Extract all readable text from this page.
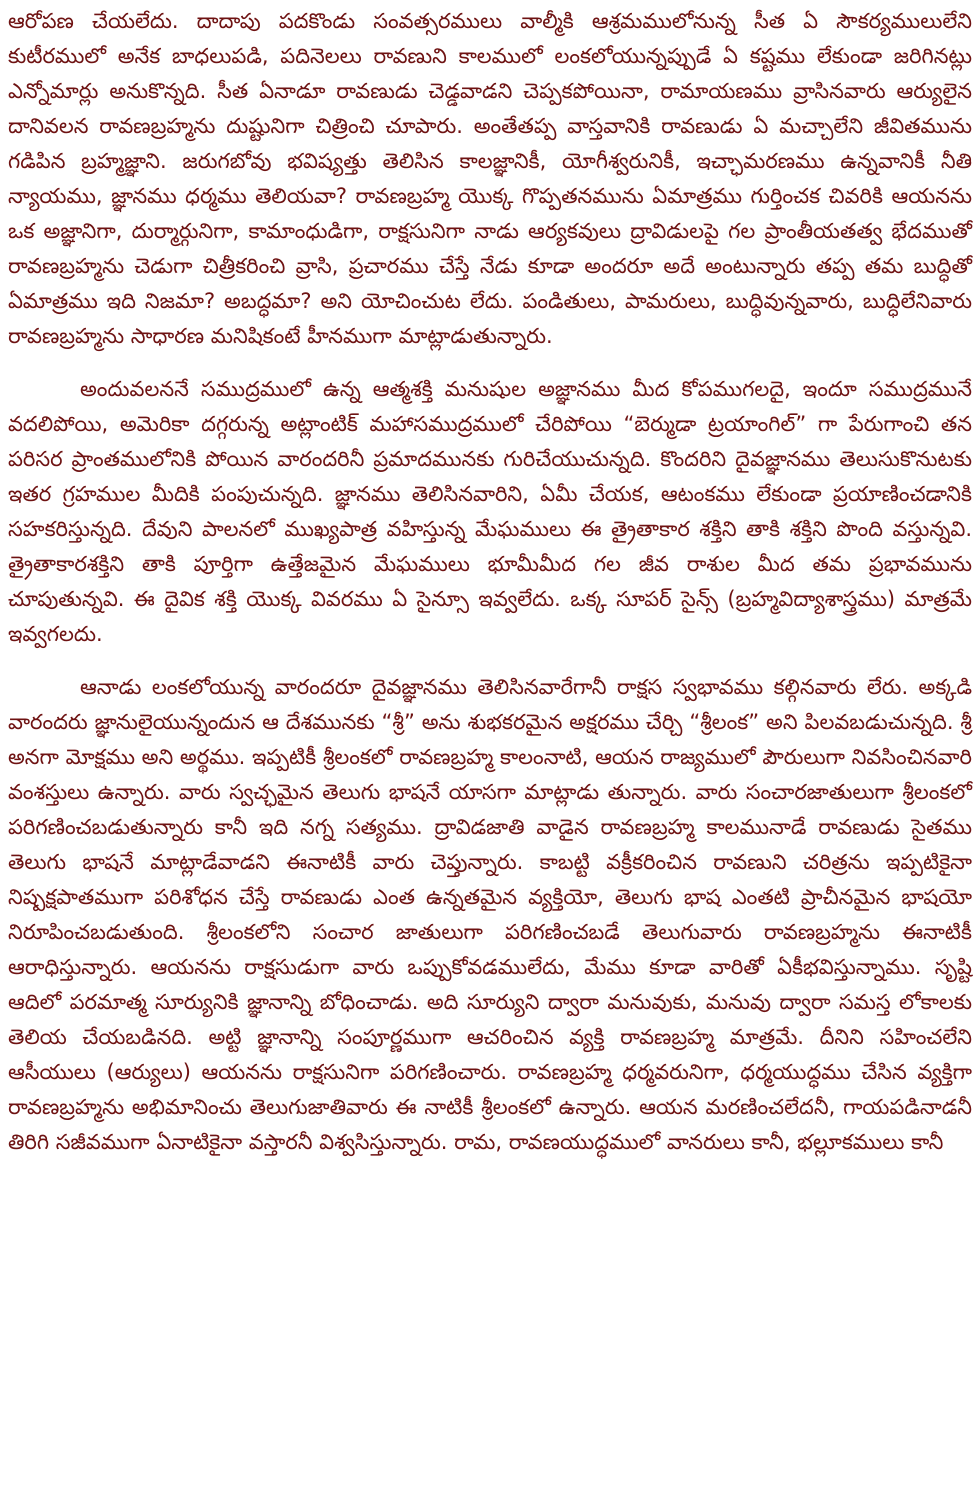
ఆరోపణ చేయలేదు. దాదాపు పదకొండు సంవత్సరములు వాల్మీకి ఆశ్రమములోనున్న సీత ఏ సౌకర్యములులేని కుటీరములో అనేక బాధలుపడి, పదినెలలు రావణుని కాలములో లంకలోయున్నప్పుడే ఏ కష్టము లేకుండా జరిగినట్లు ఎన్నోమార్లు అనుకొన్నది. సీత ఏనాడూ రావణుడు చెడ్డవాడని చెప్పకపోయినా, రామాయణము వ్రాసినవారు ఆర్యులైన దానివలన రావణబ్రహ్మను దుష్టునిగా చిత్రించి చూపారు. అంతేతప్ప వాస్తవానికి రావణుడు ఏ మచ్చాలేని జీవితమును గడిపిన బ్రహ్మజ్ఞాని. జరుగబోవు భవిష్యత్తు తెలిసిన కాలజ్ఞానికీ, యోగీశ్వరునికీ, ఇచ్ఛామరణము ఉన్నవానికీ నీతి న్యాయము, జ్ఞానము ధర్మము తెలియవా? రావణబ్రహ్మ యొక్క గొప్పతనమును ఏమాత్రము గుర్తించక చివరికి ఆయనను ఒక అజ్ఞానిగా, దుర్మార్గునిగా, కామాంధుడిగా, రాక్షసునిగా నాడు ఆర్యకవులు ద్రావిడులపై గల ప్రాంతీయతత్వ భేదముతో రావణబ్రహ్మను చెడుగా చిత్రీకరించి వ్రాసి, ప్రచారము చేస్తే నేడు కూడా అందరూ అదే అంటున్నారు తప్ప తమ బుద్ధితో ఏమాత్రము ఇది నిజమా? అబద్ధమా? అని యోచించుట లేదు. పండితులు, పామరులు, బుద్ధివున్నవారు, బుద్ధిలేనివారు రావణబ్రహ్మను సాధారణ మనిషికంటే హీనముగా మాట్లాడుతున్నారు.

అందువలననే సముద్రములో ఉన్న ఆత్మశక్తి మనుషుల అజ్ఞానము మీద కోపముగలదై, ఇందూ సముద్రమునే వదలిపోయి, అమెరికా దగ్గరున్న అట్లాంటిక్ మహాసముద్రములో చేరిపోయి “బెర్ముడా ట్రయాంగిల్” గా పేరుగాంచి తన పరిసర ప్రాంతములోనికి పోయిన వారందరినీ ప్రమాదమునకు గురిచేయుచున్నది. కొందరిని దైవజ్ఞానము తెలుసుకొనుటకు ఇతర గ్రహముల మీదికి పంపుచున్నది. జ్ఞానము తెలిసినవారిని, ఏమీ చేయక, ఆటంకము లేకుండా ప్రయాణించడానికి సహకరిస్తున్నది. దేవుని పాలనలో ముఖ్యపాత్ర వహిస్తున్న మేఘములు ఈ త్రైతాకార శక్తిని తాకి శక్తిని పొంది వస్తున్నవి. త్రైతాకారశక్తిని తాకి పూర్తిగా ఉత్తేజమైన మేఘములు భూమీమీద గల జీవ రాశుల మీద తమ ప్రభావమును చూపుతున్నవి. ఈ దైవిక శక్తి యొక్క వివరము ఏ సైన్సూ ఇవ్వలేదు. ఒక్క సూపర్ సైన్స్ (బ్రహ్మవిద్యాశాస్త్రము) మాత్రమే ఇవ్వగలదు.

ఆనాడు లంకలోయున్న వారందరూ దైవజ్ఞానము తెలిసినవారేగానీ రాక్షస స్వభావము కల్గినవారు లేరు. అక్కడి వారందరు జ్ఞానులైయున్నందున ఆ దేశమునకు “శ్రీ” అను శుభకరమైన అక్షరము చేర్చి “శ్రీలంక” అని పిలవబడుచున్నది. శ్రీ అనగా మోక్షము అని అర్థము. ఇప్పటికీ శ్రీలంకలో రావణబ్రహ్మ కాలంనాటి, ఆయన రాజ్యములో పౌరులుగా నివసించినవారి వంశస్తులు ఉన్నారు. వారు స్వచ్ఛమైన తెలుగు భాషనే యాసగా మాట్లాడు తున్నారు. వారు సంచారజాతులుగా శ్రీలంకలో పరిగణించబడుతున్నారు కానీ ఇది నగ్న సత్యము. ద్రావిడజాతి వాడైన రావణబ్రహ్మ కాలమునాడే రావణుడు సైతము తెలుగు భాషనే మాట్లాడేవాడని ఈనాటికీ వారు చెప్తున్నారు. కాబట్టి వక్రీకరించిన రావణుని చరిత్రను ఇప్పటికైనా నిష్పక్షపాతముగా పరిశోధన చేస్తే రావణుడు ఎంత ఉన్నతమైన వ్యక్తియో, తెలుగు భాష ఎంతటి ప్రాచీనమైన భాషయో నిరూపించబడుతుంది. శ్రీలంకలోని సంచార జాతులుగా పరిగణించబడే తెలుగువారు రావణబ్రహ్మను ఈనాటికీ ఆరాధిస్తున్నారు. ఆయనను రాక్షసుడుగా వారు ఒప్పుకోవడములేదు, మేము కూడా వారితో ఏకీభవిస్తున్నాము. సృష్టి ఆదిలో పరమాత్మ సూర్యునికి జ్ఞానాన్ని బోధించాడు. అది సూర్యుని ద్వారా మనువుకు, మనువు ద్వారా సమస్త లోకాలకు తెలియ చేయబడినది. అట్టి జ్ఞానాన్ని సంపూర్ణముగా ఆచరించిన వ్యక్తి రావణబ్రహ్మ మాత్రమే. దీనిని సహించలేని ఆసీయులు (ఆర్యులు) ఆయనను రాక్షసునిగా పరిగణించారు. రావణబ్రహ్మ ధర్మవరునిగా, ధర్మయుద్ధము చేసిన వ్యక్తిగా రావణబ్రహ్మను అభిమానించు తెలుగుజాతివారు ఈ నాటికీ శ్రీలంకలో ఉన్నారు. ఆయన మరణించలేదనీ, గాయపడినాడనీ తిరిగి సజీవముగా ఏనాటికైనా వస్తారనీ విశ్వసిస్తున్నారు. రామ, రావణయుద్ధములో వానరులు కానీ, భల్లూకములు కానీ
